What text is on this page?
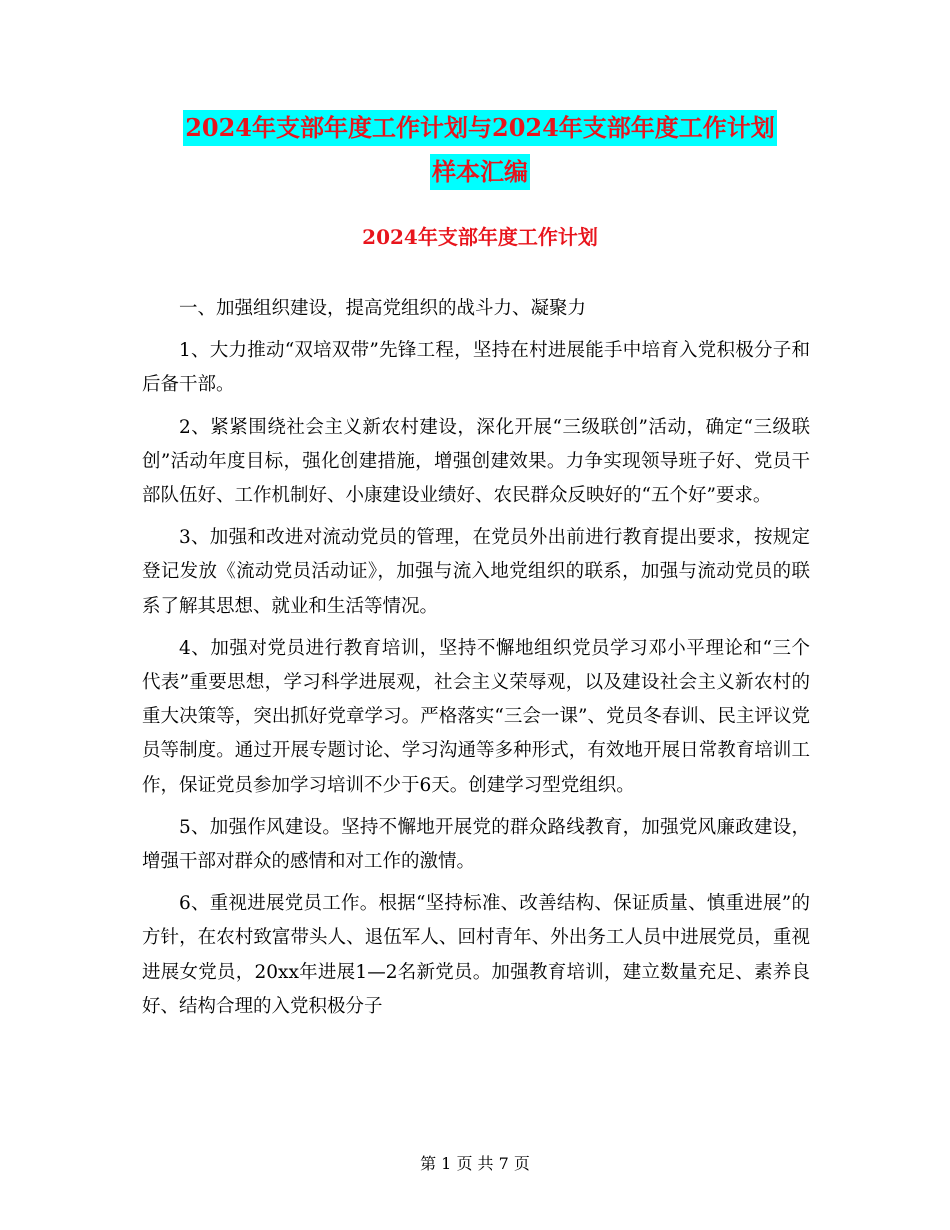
2024年支部年度工作计划与2024年支部年度工作计划
样本汇编
2024年支部年度工作计划

一、加强组织建设，提高党组织的战斗力、凝聚力

1、大力推动“双培双带”先锋工程，坚持在村进展能手中培育入党积极分子和后备干部。

2、紧紧围绕社会主义新农村建设，深化开展“三级联创”活动，确定“三级联创”活动年度目标，强化创建措施，增强创建效果。力争实现领导班子好、党员干部队伍好、工作机制好、小康建设业绩好、农民群众反映好的“五个好”要求。

3、加强和改进对流动党员的管理，在党员外出前进行教育提出要求，按规定登记发放《流动党员活动证》，加强与流入地党组织的联系，加强与流动党员的联系了解其思想、就业和生活等情况。

4、加强对党员进行教育培训，坚持不懈地组织党员学习邓小平理论和“三个代表”重要思想，学习科学进展观，社会主义荣辱观，以及建设社会主义新农村的重大决策等，突出抓好党章学习。严格落实“三会一课”、党员冬春训、民主评议党员等制度。通过开展专题讨论、学习沟通等多种形式，有效地开展日常教育培训工作，保证党员参加学习培训不少于6天。创建学习型党组织。

5、加强作风建设。坚持不懈地开展党的群众路线教育，加强党风廉政建设，增强干部对群众的感情和对工作的激情。

6、重视进展党员工作。根据“坚持标准、改善结构、保证质量、慎重进展”的方针，在农村致富带头人、退伍军人、回村青年、外出务工人员中进展党员，重视进展女党员，20xx年进展1—2名新党员。加强教育培训，建立数量充足、素养良好、结构合理的入党积极分子

第 1 页 共 7 页
